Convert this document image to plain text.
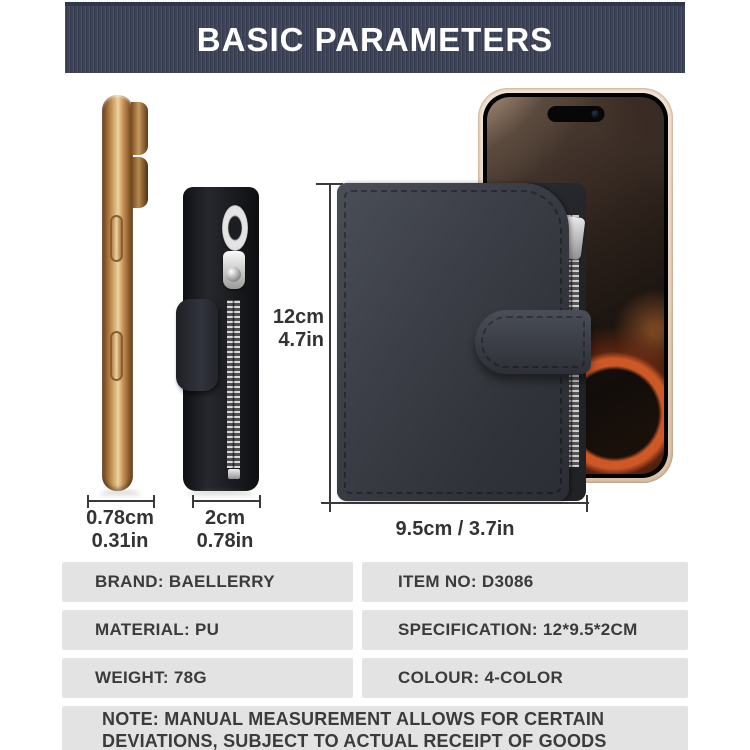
BASIC PARAMETERS
12cm
4.7in
9.5cm / 3.7in
0.78cm
0.31in
2cm
0.78in
BRAND: BAELLERRY	ITEM NO: D3086
MATERIAL: PU	SPECIFICATION: 12*9.5*2CM
WEIGHT: 78G	COLOUR: 4-COLOR
NOTE: MANUAL MEASUREMENT ALLOWS FOR CERTAIN
DEVIATIONS, SUBJECT TO ACTUAL RECEIPT OF GOODS
